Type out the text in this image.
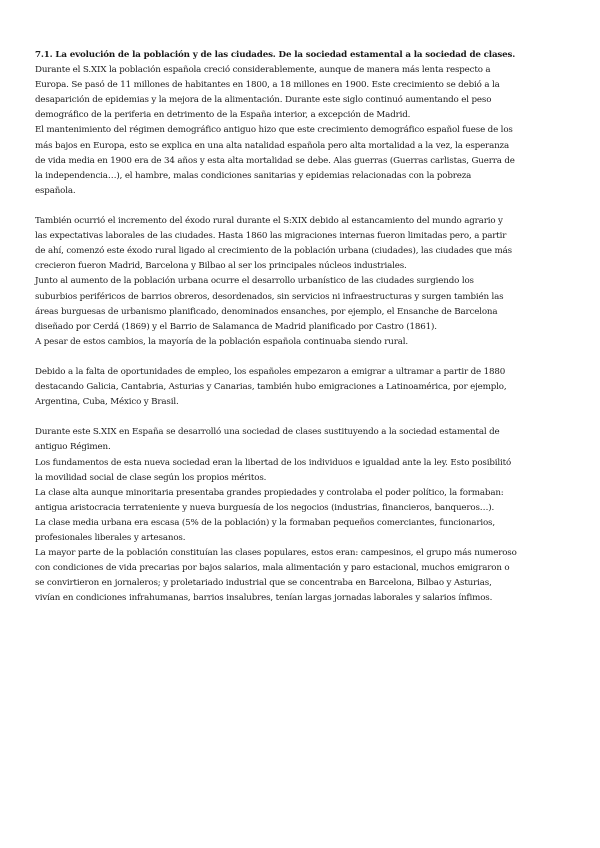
7.1. La evolución de la población y de las ciudades. De la sociedad estamental a la sociedad de clases.
Durante el S.XIX la población española creció considerablemente, aunque de manera más lenta respecto a
Europa. Se pasó de 11 millones de habitantes en 1800, a 18 millones en 1900. Este crecimiento se debió a la
desaparición de epidemias y la mejora de la alimentación. Durante este siglo continuó aumentando el peso
demográfico de la periferia en detrimento de la España interior, a excepción de Madrid.
El mantenimiento del régimen demográfico antiguo hizo que este crecimiento demográfico español fuese de los
más bajos en Europa, esto se explica en una alta natalidad española pero alta mortalidad a la vez, la esperanza
de vida media en 1900 era de 34 años y esta alta mortalidad se debe. Alas guerras (Guerras carlistas, Guerra de
la independencia…), el hambre, malas condiciones sanitarias y epidemias relacionadas con la pobreza
española.
También ocurrió el incremento del éxodo rural durante el S:XIX debido al estancamiento del mundo agrario y
las expectativas laborales de las ciudades. Hasta 1860 las migraciones internas fueron limitadas pero, a partir
de ahí, comenzó este éxodo rural ligado al crecimiento de la población urbana (ciudades), las ciudades que más
crecieron fueron Madrid, Barcelona y Bilbao al ser los principales núcleos industriales.
Junto al aumento de la población urbana ocurre el desarrollo urbanístico de las ciudades surgiendo los
suburbios periféricos de barrios obreros, desordenados, sin servicios ni infraestructuras y surgen también las
áreas burguesas de urbanismo planificado, denominados ensanches, por ejemplo, el Ensanche de Barcelona
diseñado por Cerdá (1869) y el Barrio de Salamanca de Madrid planificado por Castro (1861).
A pesar de estos cambios, la mayoría de la población española continuaba siendo rural.
Debido a la falta de oportunidades de empleo, los españoles empezaron a emigrar a ultramar a partir de 1880
destacando Galicia, Cantabria, Asturias y Canarias, también hubo emigraciones a Latinoamérica, por ejemplo,
Argentina, Cuba, México y Brasil.
Durante este S.XIX en España se desarrolló una sociedad de clases sustituyendo a la sociedad estamental de
antiguo Régimen.
Los fundamentos de esta nueva sociedad eran la libertad de los individuos e igualdad ante la ley. Esto posibilitó
la movilidad social de clase según los propios méritos.
La clase alta aunque minoritaria presentaba grandes propiedades y controlaba el poder político, la formaban:
antigua aristocracia terrateniente y nueva burguesía de los negocios (industrias, financieros, banqueros…).
La clase media urbana era escasa (5% de la población) y la formaban pequeños comerciantes, funcionarios,
profesionales liberales y artesanos.
La mayor parte de la población constituían las clases populares, estos eran: campesinos, el grupo más numeroso
con condiciones de vida precarias por bajos salarios, mala alimentación y paro estacional, muchos emigraron o
se convirtieron en jornaleros; y proletariado industrial que se concentraba en Barcelona, Bilbao y Asturias,
vivían en condiciones infrahumanas, barrios insalubres, tenían largas jornadas laborales y salarios ínfimos.
